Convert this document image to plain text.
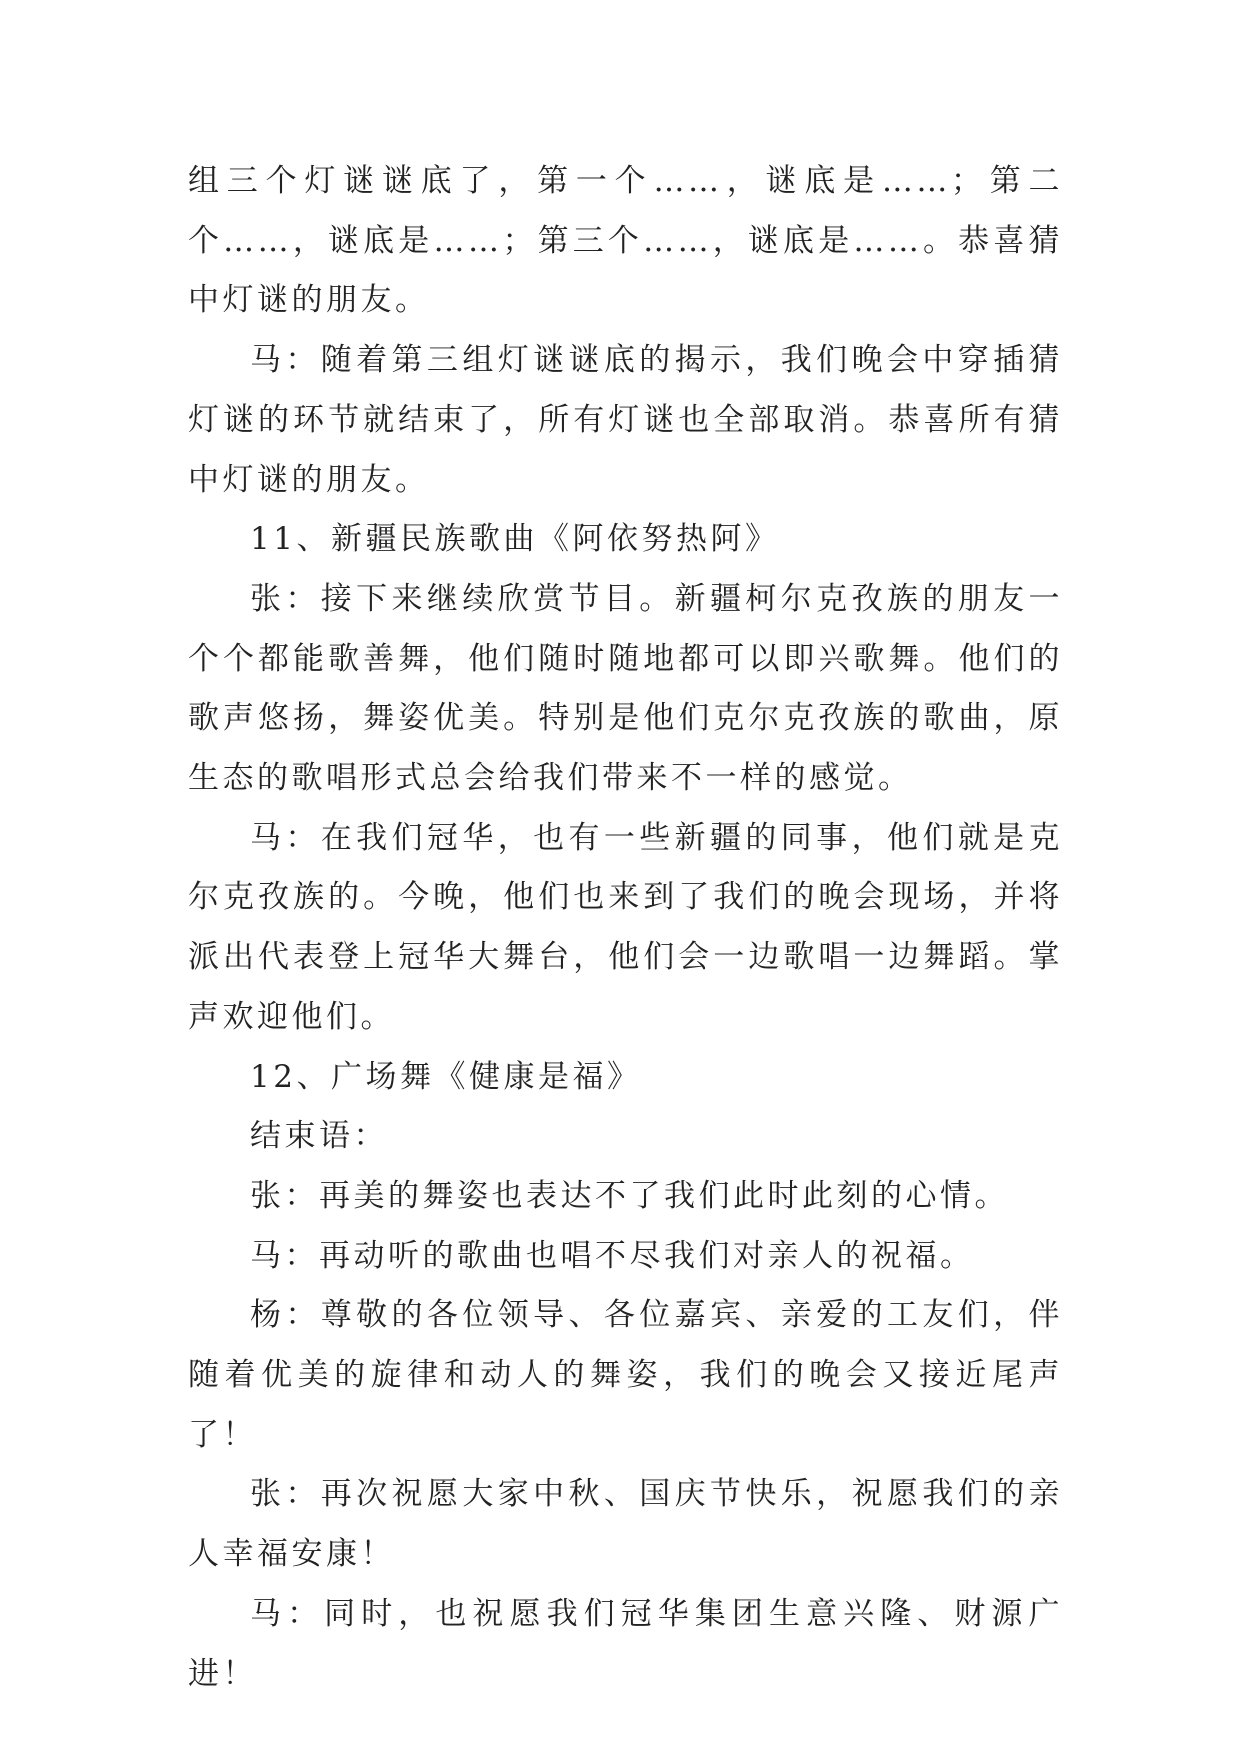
组三个灯谜谜底了，第一个……，谜底是……；第二个……，谜底是……；第三个……，谜底是……。恭喜猜中灯谜的朋友。

马：随着第三组灯谜谜底的揭示，我们晚会中穿插猜灯谜的环节就结束了，所有灯谜也全部取消。恭喜所有猜中灯谜的朋友。

11、新疆民族歌曲《阿依努热阿》

张：接下来继续欣赏节目。新疆柯尔克孜族的朋友一个个都能歌善舞，他们随时随地都可以即兴歌舞。他们的歌声悠扬，舞姿优美。特别是他们克尔克孜族的歌曲，原生态的歌唱形式总会给我们带来不一样的感觉。

马：在我们冠华，也有一些新疆的同事，他们就是克尔克孜族的。今晚，他们也来到了我们的晚会现场，并将派出代表登上冠华大舞台，他们会一边歌唱一边舞蹈。掌声欢迎他们。

12、广场舞《健康是福》

结束语：

张：再美的舞姿也表达不了我们此时此刻的心情。

马：再动听的歌曲也唱不尽我们对亲人的祝福。

杨：尊敬的各位领导、各位嘉宾、亲爱的工友们，伴随着优美的旋律和动人的舞姿，我们的晚会又接近尾声了！

张：再次祝愿大家中秋、国庆节快乐，祝愿我们的亲人幸福安康！

马：同时，也祝愿我们冠华集团生意兴隆、财源广进！
